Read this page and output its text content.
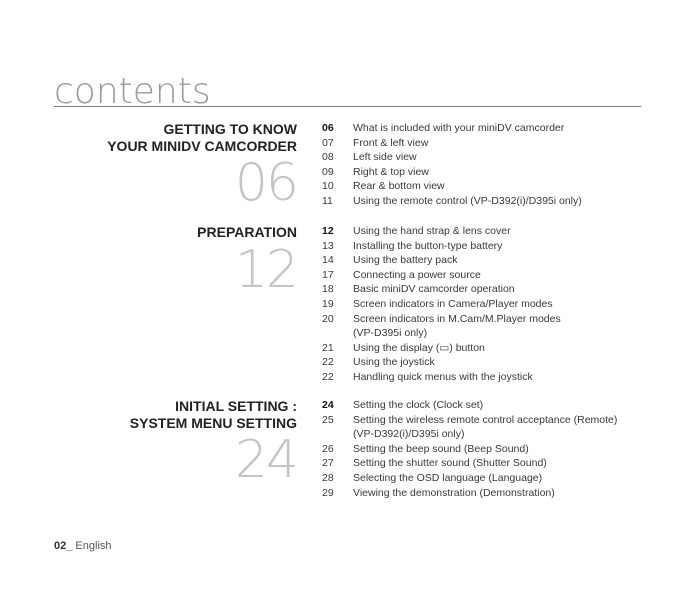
contents
GETTING TO KNOW
YOUR MINIDV CAMCORDER
06
06	What is included with your miniDV camcorder
07	Front & left view
08	Left side view
09	Right & top view
10	Rear & bottom view
11	Using the remote control (VP-D392(i)/D395i only)
PREPARATION
12
12	Using the hand strap & lens cover
13	Installing the button-type battery
14	Using the battery pack
17	Connecting a power source
18	Basic miniDV camcorder operation
19	Screen indicators in Camera/Player modes
20	Screen indicators in M.Cam/M.Player modes
(VP-D395i only)
21	Using the display (▭) button
22	Using the joystick
22	Handling quick menus with the joystick
INITIAL SETTING :
SYSTEM MENU SETTING
24
24	Setting the clock (Clock set)
25	Setting the wireless remote control acceptance (Remote)
(VP-D392(i)/D395i only)
26	Setting the beep sound (Beep Sound)
27	Setting the shutter sound (Shutter Sound)
28	Selecting the OSD language (Language)
29	Viewing the demonstration (Demonstration)
02_ English
